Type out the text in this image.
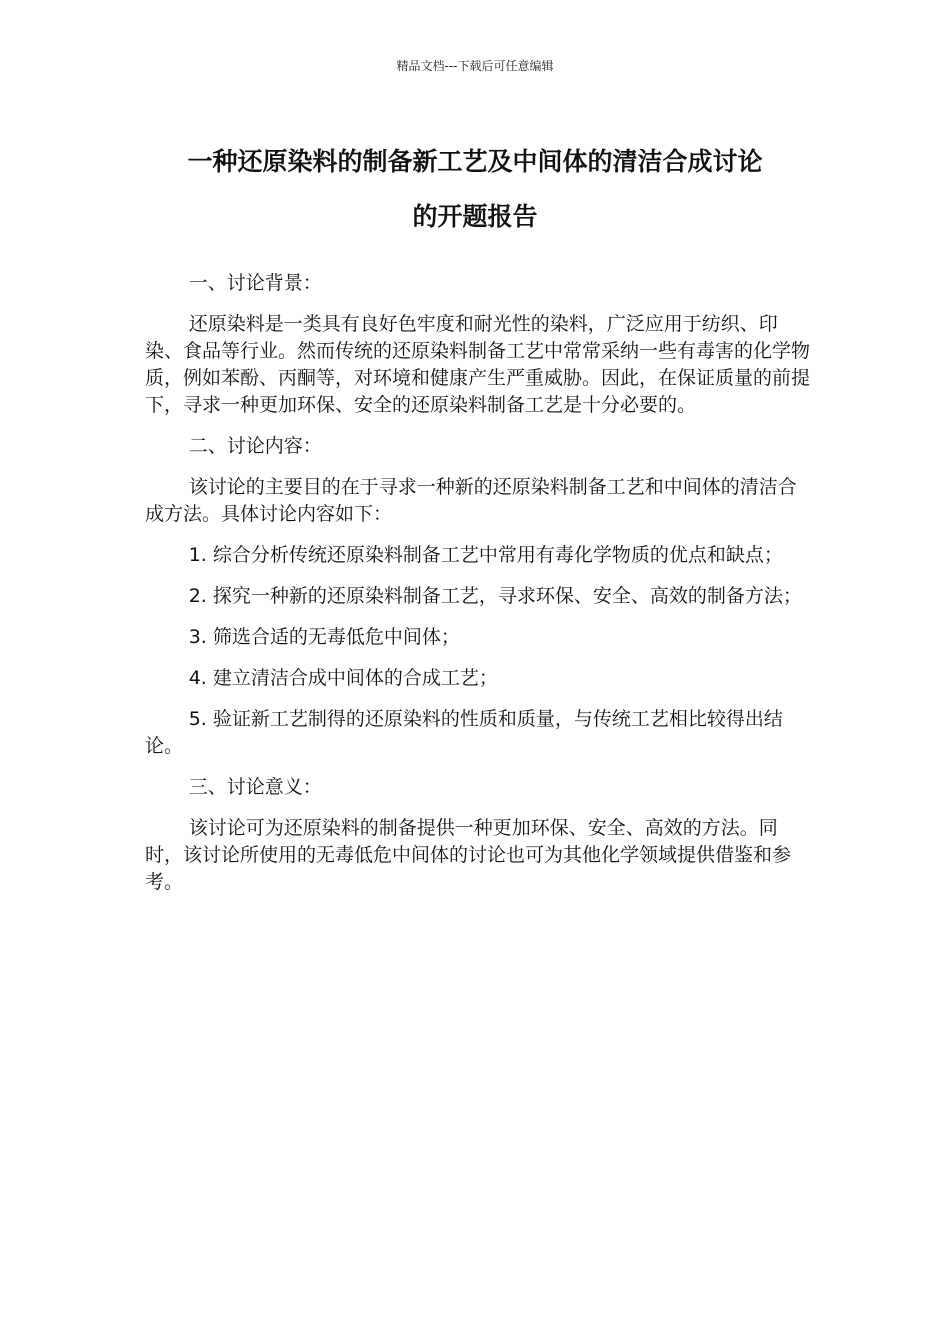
精品文档---下载后可任意编辑
一种还原染料的制备新工艺及中间体的清洁合成讨论
的开题报告

一、讨论背景：

还原染料是一类具有良好色牢度和耐光性的染料，广泛应用于纺织、印染、食品等行业。然而传统的还原染料制备工艺中常常采纳一些有毒害的化学物质，例如苯酚、丙酮等，对环境和健康产生严重威胁。因此，在保证质量的前提下，寻求一种更加环保、安全的还原染料制备工艺是十分必要的。

二、讨论内容：

该讨论的主要目的在于寻求一种新的还原染料制备工艺和中间体的清洁合成方法。具体讨论内容如下：

1. 综合分析传统还原染料制备工艺中常用有毒化学物质的优点和缺点；

2. 探究一种新的还原染料制备工艺，寻求环保、安全、高效的制备方法；

3. 筛选合适的无毒低危中间体；

4. 建立清洁合成中间体的合成工艺；

5. 验证新工艺制得的还原染料的性质和质量，与传统工艺相比较得出结论。

三、讨论意义：

该讨论可为还原染料的制备提供一种更加环保、安全、高效的方法。同时，该讨论所使用的无毒低危中间体的讨论也可为其他化学领域提供借鉴和参考。
